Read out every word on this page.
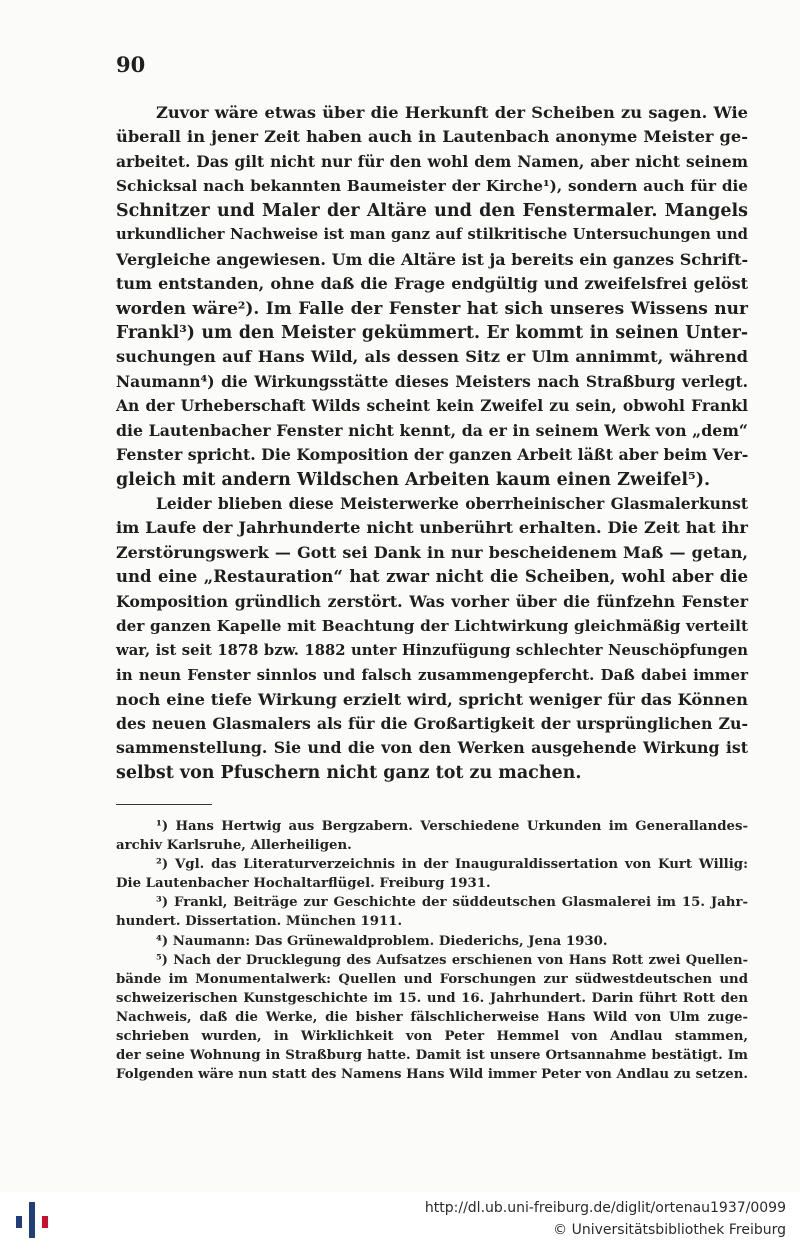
90
Zuvor wäre etwas über die Herkunft der Scheiben zu sagen. Wie
überall in jener Zeit haben auch in Lautenbach anonyme Meister ge-
arbeitet. Das gilt nicht nur für den wohl dem Namen, aber nicht seinem
Schicksal nach bekannten Baumeister der Kirche¹), sondern auch für die
Schnitzer und Maler der Altäre und den Fenstermaler. Mangels
urkundlicher Nachweise ist man ganz auf stilkritische Untersuchungen und
Vergleiche angewiesen. Um die Altäre ist ja bereits ein ganzes Schrift-
tum entstanden, ohne daß die Frage endgültig und zweifelsfrei gelöst
worden wäre²). Im Falle der Fenster hat sich unseres Wissens nur
Frankl³) um den Meister gekümmert. Er kommt in seinen Unter-
suchungen auf Hans Wild, als dessen Sitz er Ulm annimmt, während
Naumann⁴) die Wirkungsstätte dieses Meisters nach Straßburg verlegt.
An der Urheberschaft Wilds scheint kein Zweifel zu sein, obwohl Frankl
die Lautenbacher Fenster nicht kennt, da er in seinem Werk von „dem“
Fenster spricht. Die Komposition der ganzen Arbeit läßt aber beim Ver-
gleich mit andern Wildschen Arbeiten kaum einen Zweifel⁵).
Leider blieben diese Meisterwerke oberrheinischer Glasmalerkunst
im Laufe der Jahrhunderte nicht unberührt erhalten. Die Zeit hat ihr
Zerstörungswerk — Gott sei Dank in nur bescheidenem Maß — getan,
und eine „Restauration“ hat zwar nicht die Scheiben, wohl aber die
Komposition gründlich zerstört. Was vorher über die fünfzehn Fenster
der ganzen Kapelle mit Beachtung der Lichtwirkung gleichmäßig verteilt
war, ist seit 1878 bzw. 1882 unter Hinzufügung schlechter Neuschöpfungen
in neun Fenster sinnlos und falsch zusammengepfercht. Daß dabei immer
noch eine tiefe Wirkung erzielt wird, spricht weniger für das Können
des neuen Glasmalers als für die Großartigkeit der ursprünglichen Zu-
sammenstellung. Sie und die von den Werken ausgehende Wirkung ist
selbst von Pfuschern nicht ganz tot zu machen.
¹) Hans Hertwig aus Bergzabern. Verschiedene Urkunden im Generallandes-
archiv Karlsruhe, Allerheiligen.
²) Vgl. das Literaturverzeichnis in der Inauguraldissertation von Kurt Willig:
Die Lautenbacher Hochaltarflügel. Freiburg 1931.
³) Frankl, Beiträge zur Geschichte der süddeutschen Glasmalerei im 15. Jahr-
hundert. Dissertation. München 1911.
⁴) Naumann: Das Grünewaldproblem. Diederichs, Jena 1930.
⁵) Nach der Drucklegung des Aufsatzes erschienen von Hans Rott zwei Quellen-
bände im Monumentalwerk: Quellen und Forschungen zur südwestdeutschen und
schweizerischen Kunstgeschichte im 15. und 16. Jahrhundert. Darin führt Rott den
Nachweis, daß die Werke, die bisher fälschlicherweise Hans Wild von Ulm zuge-
schrieben wurden, in Wirklichkeit von Peter Hemmel von Andlau stammen,
der seine Wohnung in Straßburg hatte. Damit ist unsere Ortsannahme bestätigt. Im
Folgenden wäre nun statt des Namens Hans Wild immer Peter von Andlau zu setzen.
http://dl.ub.uni-freiburg.de/diglit/ortenau1937/0099
© Universitätsbibliothek Freiburg
